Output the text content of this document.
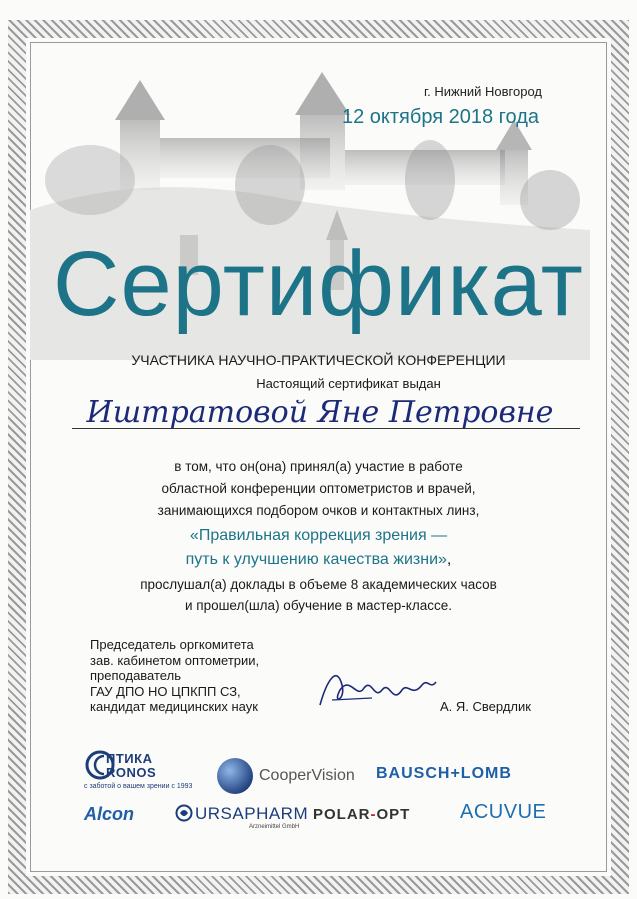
г. Нижний Новгород
12 октября 2018 года
Сертификат
УЧАСТНИКА НАУЧНО-ПРАКТИЧЕСКОЙ КОНФЕРЕНЦИИ
Настоящий сертификат выдан
Иштратовой Яне Петровне
в том, что он(она) принял(а) участие в работе
областной конференции оптометристов и врачей,
занимающихся подбором очков и контактных линз,
«Правильная коррекция зрения —
путь к улучшению качества жизни»,
прослушал(а) доклады в объеме 8 академических часов
и прошел(шла) обучение в мастер-классе.
Председатель оргкомитета
зав. кабинетом оптометрии,
преподаватель
ГАУ ДПО НО ЦПКПП СЗ,
кандидат медицинских наук	А. Я. Свердлик
ПТИКА
RONOS
с заботой о вашем зрении с 1993
CooperVision BAUSCH+LOMB
Alcon	URSAPHARM
Arzneimittel GmbH
POLAR-OPT ACUVUE
